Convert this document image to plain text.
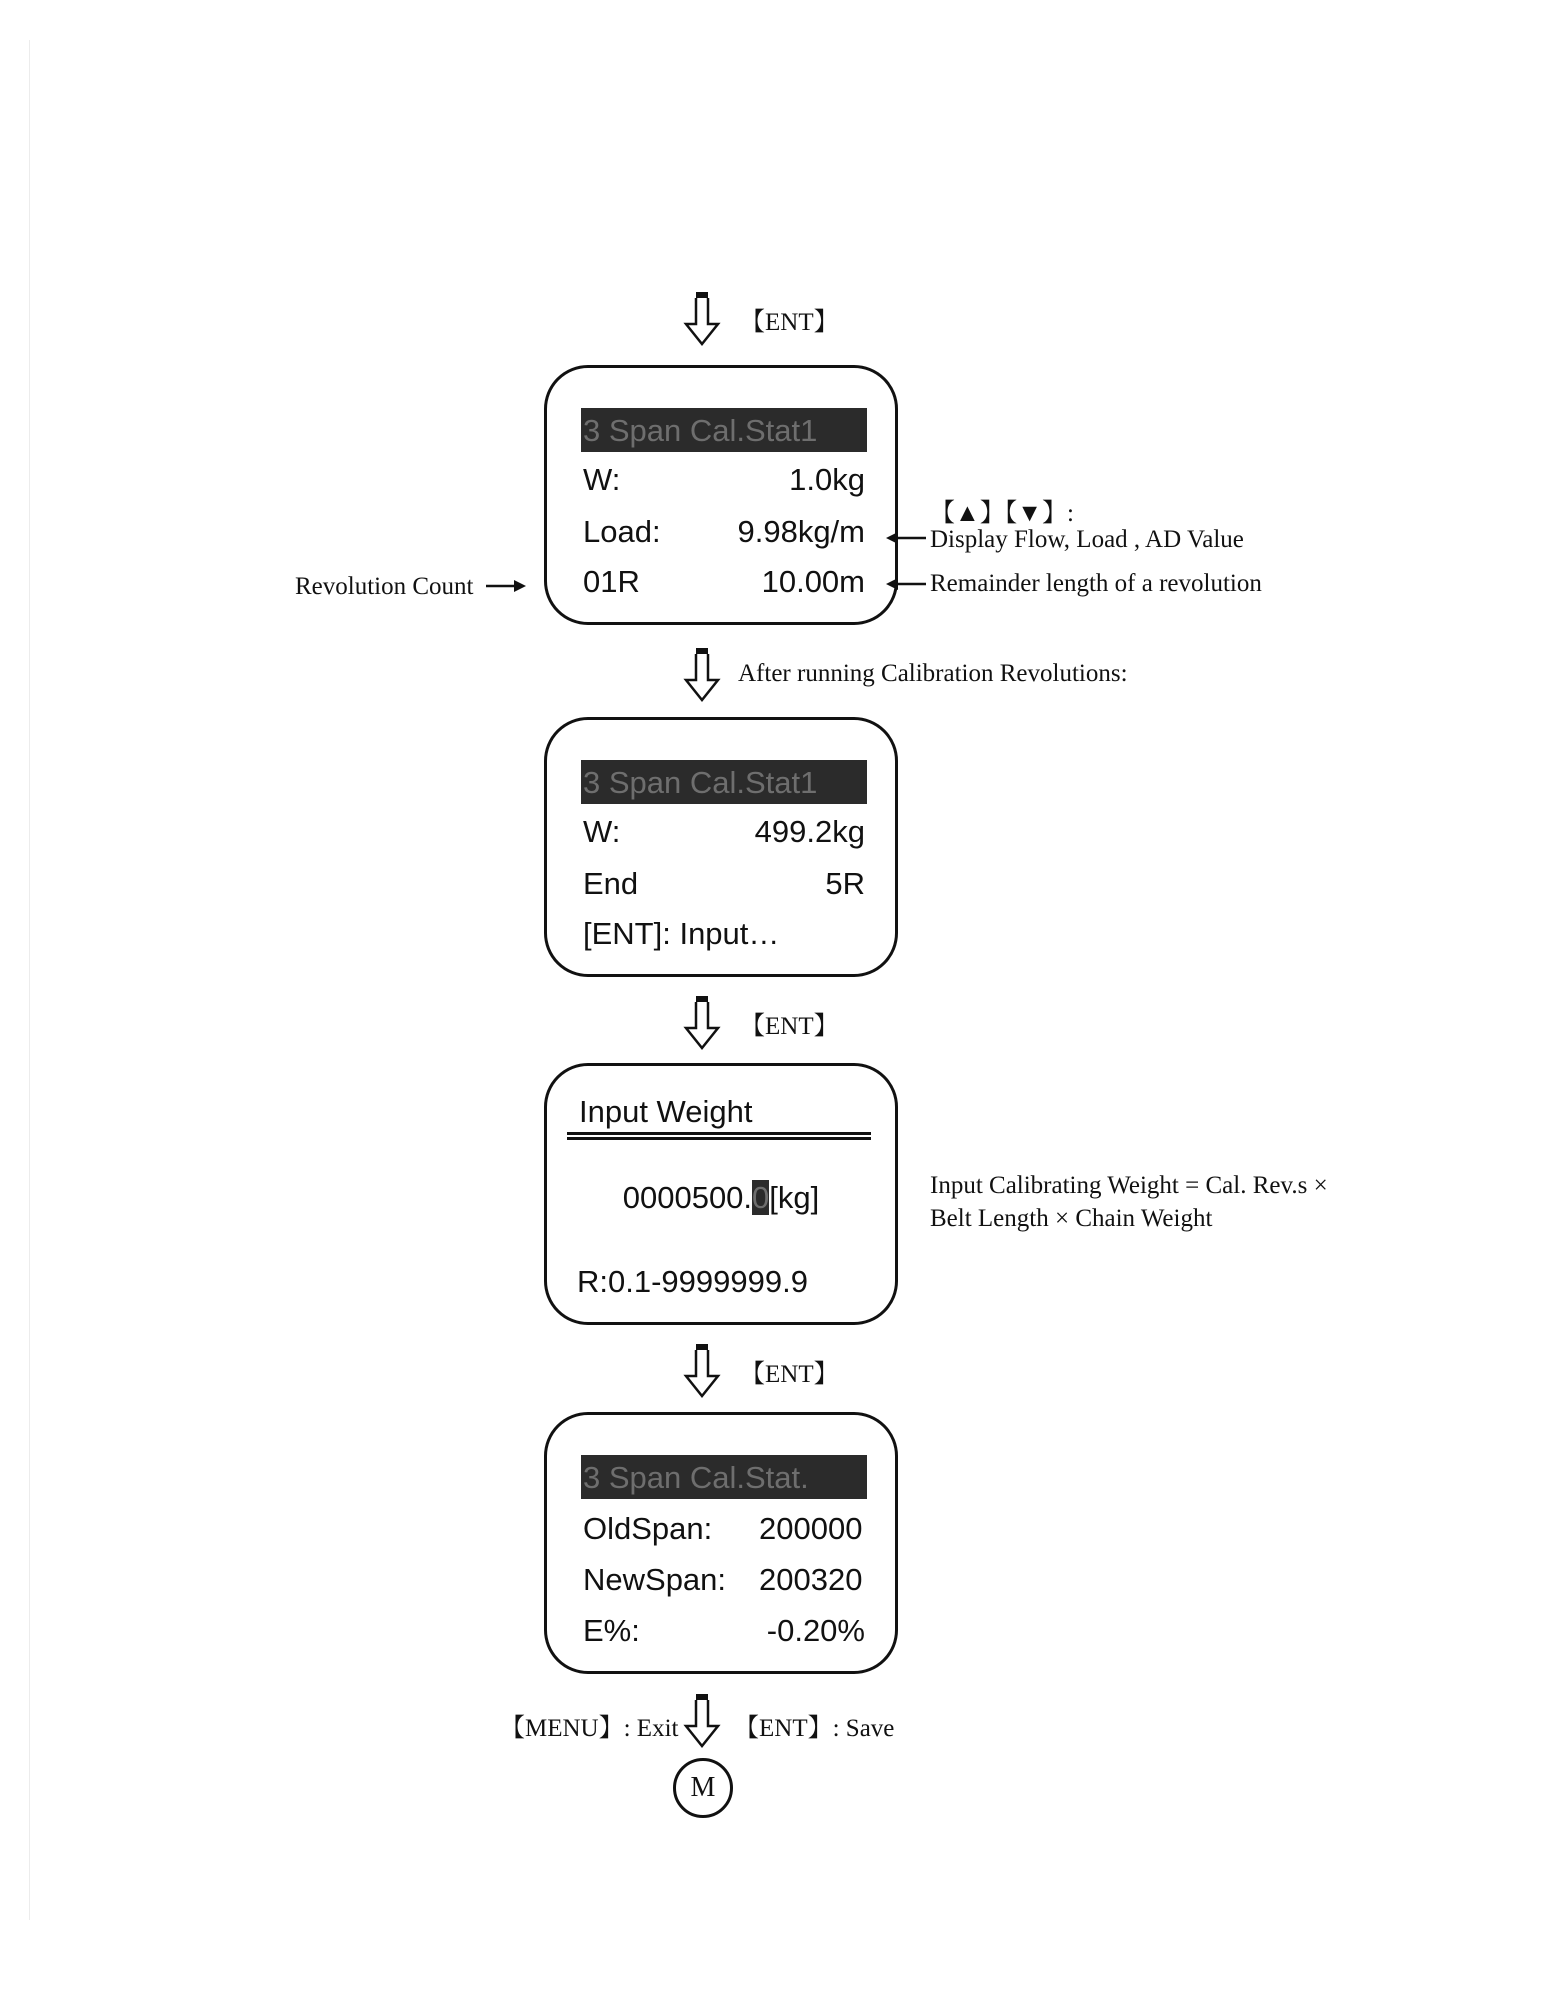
【ENT】
3 Span Cal.Stat1
W:	1.0kg
Load: 9.98kg/m
01R	10.00m
【▲】【▼】:
Display Flow, Load , AD Value
Remainder length of a revolution
Revolution Count
After running Calibration Revolutions:
3 Span Cal.Stat1
W:	499.2kg
End	5R
[ENT]: Input…
【ENT】
Input Weight
0000500.0[kg]
R:0.1-9999999.9
Input Calibrating Weight = Cal. Rev.s ×
Belt Length × Chain Weight
【ENT】
3 Span Cal.Stat.
OldSpan: 200000
NewSpan: 200320
E%:	-0.20%
【MENU】: Exit 【ENT】: Save
M
